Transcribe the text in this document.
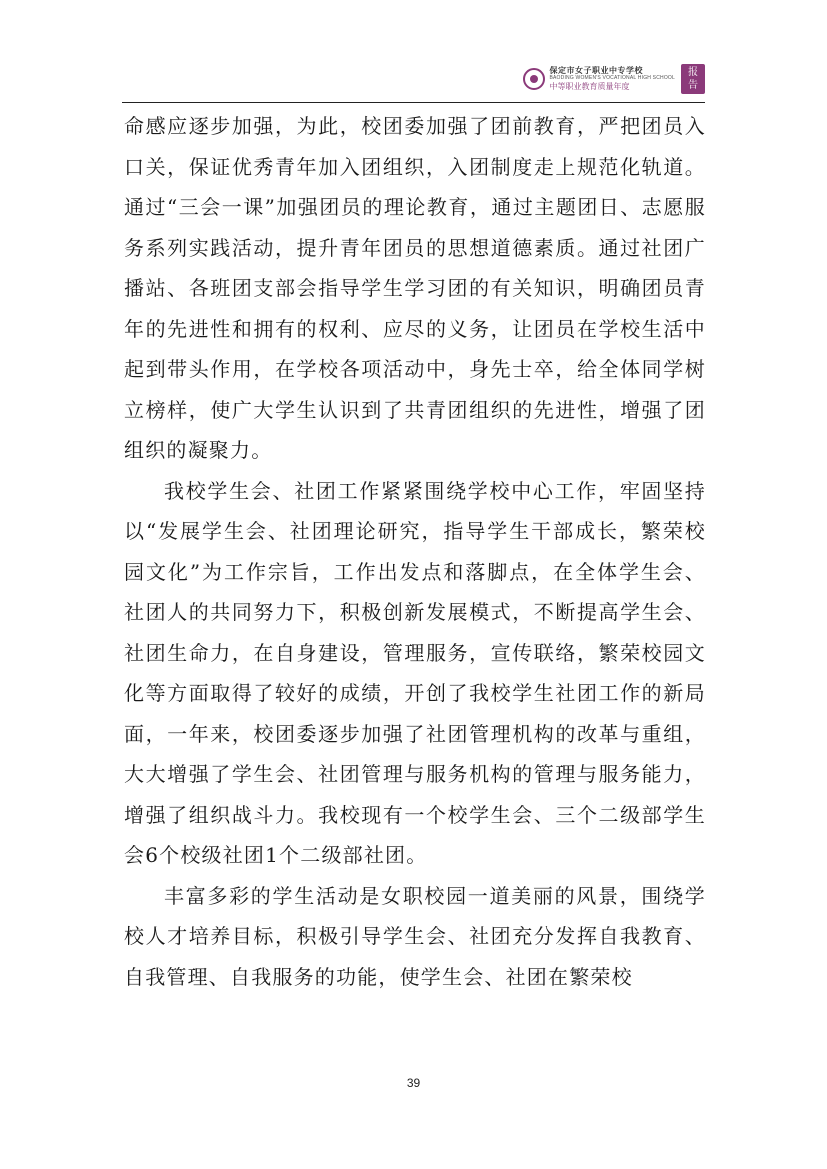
保定市女子职业中专学校
BAODING WOMEN'S VOCATIONAL HIGH SCHOOL
中等职业教育质量年度
报
告

命感应逐步加强，为此，校团委加强了团前教育，严把团员入口关，保证优秀青年加入团组织，入团制度走上规范化轨道。通过“三会一课”加强团员的理论教育，通过主题团日、志愿服务系列实践活动，提升青年团员的思想道德素质。通过社团广播站、各班团支部会指导学生学习团的有关知识，明确团员青年的先进性和拥有的权利、应尽的义务，让团员在学校生活中起到带头作用，在学校各项活动中，身先士卒，给全体同学树立榜样，使广大学生认识到了共青团组织的先进性，增强了团组织的凝聚力。

我校学生会、社团工作紧紧围绕学校中心工作，牢固坚持以“发展学生会、社团理论研究，指导学生干部成长，繁荣校园文化”为工作宗旨，工作出发点和落脚点，在全体学生会、社团人的共同努力下，积极创新发展模式，不断提高学生会、社团生命力，在自身建设，管理服务，宣传联络，繁荣校园文化等方面取得了较好的成绩，开创了我校学生社团工作的新局面，一年来，校团委逐步加强了社团管理机构的改革与重组，大大增强了学生会、社团管理与服务机构的管理与服务能力，增强了组织战斗力。我校现有一个校学生会、三个二级部学生会6个校级社团1个二级部社团。

丰富多彩的学生活动是女职校园一道美丽的风景，围绕学校人才培养目标，积极引导学生会、社团充分发挥自我教育、自我管理、自我服务的功能，使学生会、社团在繁荣校

39
